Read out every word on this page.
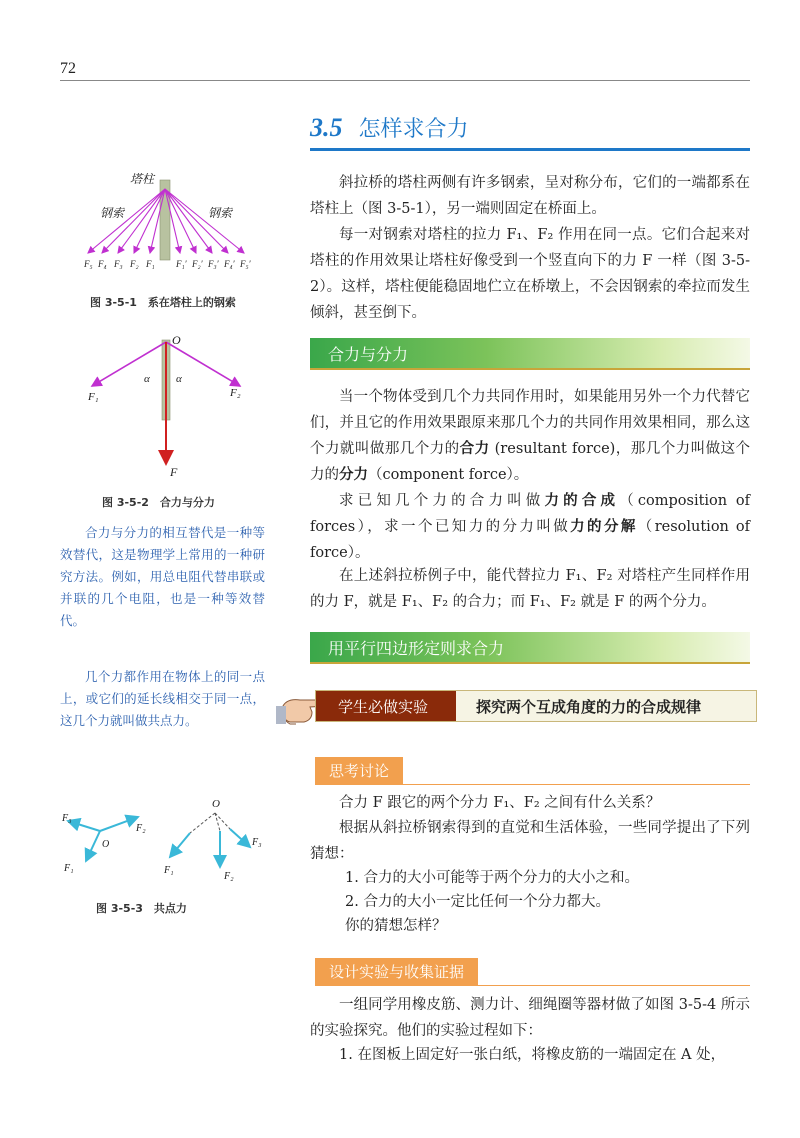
72
3.5 怎样求合力

斜拉桥的塔柱两侧有许多钢索，呈对称分布，它们的一端都系在塔柱上（图 3-5-1），另一端则固定在桥面上。

每一对钢索对塔柱的拉力 F₁、F₂ 作用在同一点。它们合起来对塔柱的作用效果让塔柱好像受到一个竖直向下的力 F 一样（图 3-5-2）。这样，塔柱便能稳固地伫立在桥墩上，不会因钢索的牵拉而发生倾斜，甚至倒下。

合力与分力

当一个物体受到几个力共同作用时，如果能用另外一个力代替它们，并且它的作用效果跟原来那几个力的共同作用效果相同，那么这个力就叫做那几个力的合力 (resultant force)，那几个力叫做这个力的分力（component force）。

求已知几个力的合力叫做力的合成（composition of forces），求一个已知力的分力叫做力的分解（resolution of force）。

在上述斜拉桥例子中，能代替拉力 F₁、F₂ 对塔柱产生同样作用的力 F，就是 F₁、F₂ 的合力；而 F₁、F₂ 就是 F 的两个分力。

用平行四边形定则求合力
学生必做实验	探究两个互成角度的力的合成规律
思考讨论

合力 F 跟它的两个分力 F₁、F₂ 之间有什么关系？

根据从斜拉桥钢索得到的直觉和生活体验，一些同学提出了下列猜想：

1. 合力的大小可能等于两个分力的大小之和。
2. 合力的大小一定比任何一个分力都大。
你的猜想怎样？
设计实验与收集证据

一组同学用橡皮筋、测力计、细绳圈等器材做了如图 3-5-4 所示的实验探究。他们的实验过程如下：

1. 在图板上固定好一张白纸，将橡皮筋的一端固定在 A 处，

塔柱
钢索	钢索
F₅ F₄ F₃ F₂ F₁ F₁′ F₂′ F₃′ F₄′ F₅′
图 3-5-1　系在塔柱上的钢索
O
F₁	F₂
α α
F
图 3-5-2　合力与分力

合力与分力的相互替代是一种等效替代，这是物理学上常用的一种研究方法。例如，用总电阻代替串联或并联的几个电阻，也是一种等效替代。

几个力都作用在物体上的同一点上，或它们的延长线相交于同一点，这几个力就叫做共点力。

F₃
F₂
O
F₁
O
F₁
F₂
F₃
图 3-5-3　共点力
